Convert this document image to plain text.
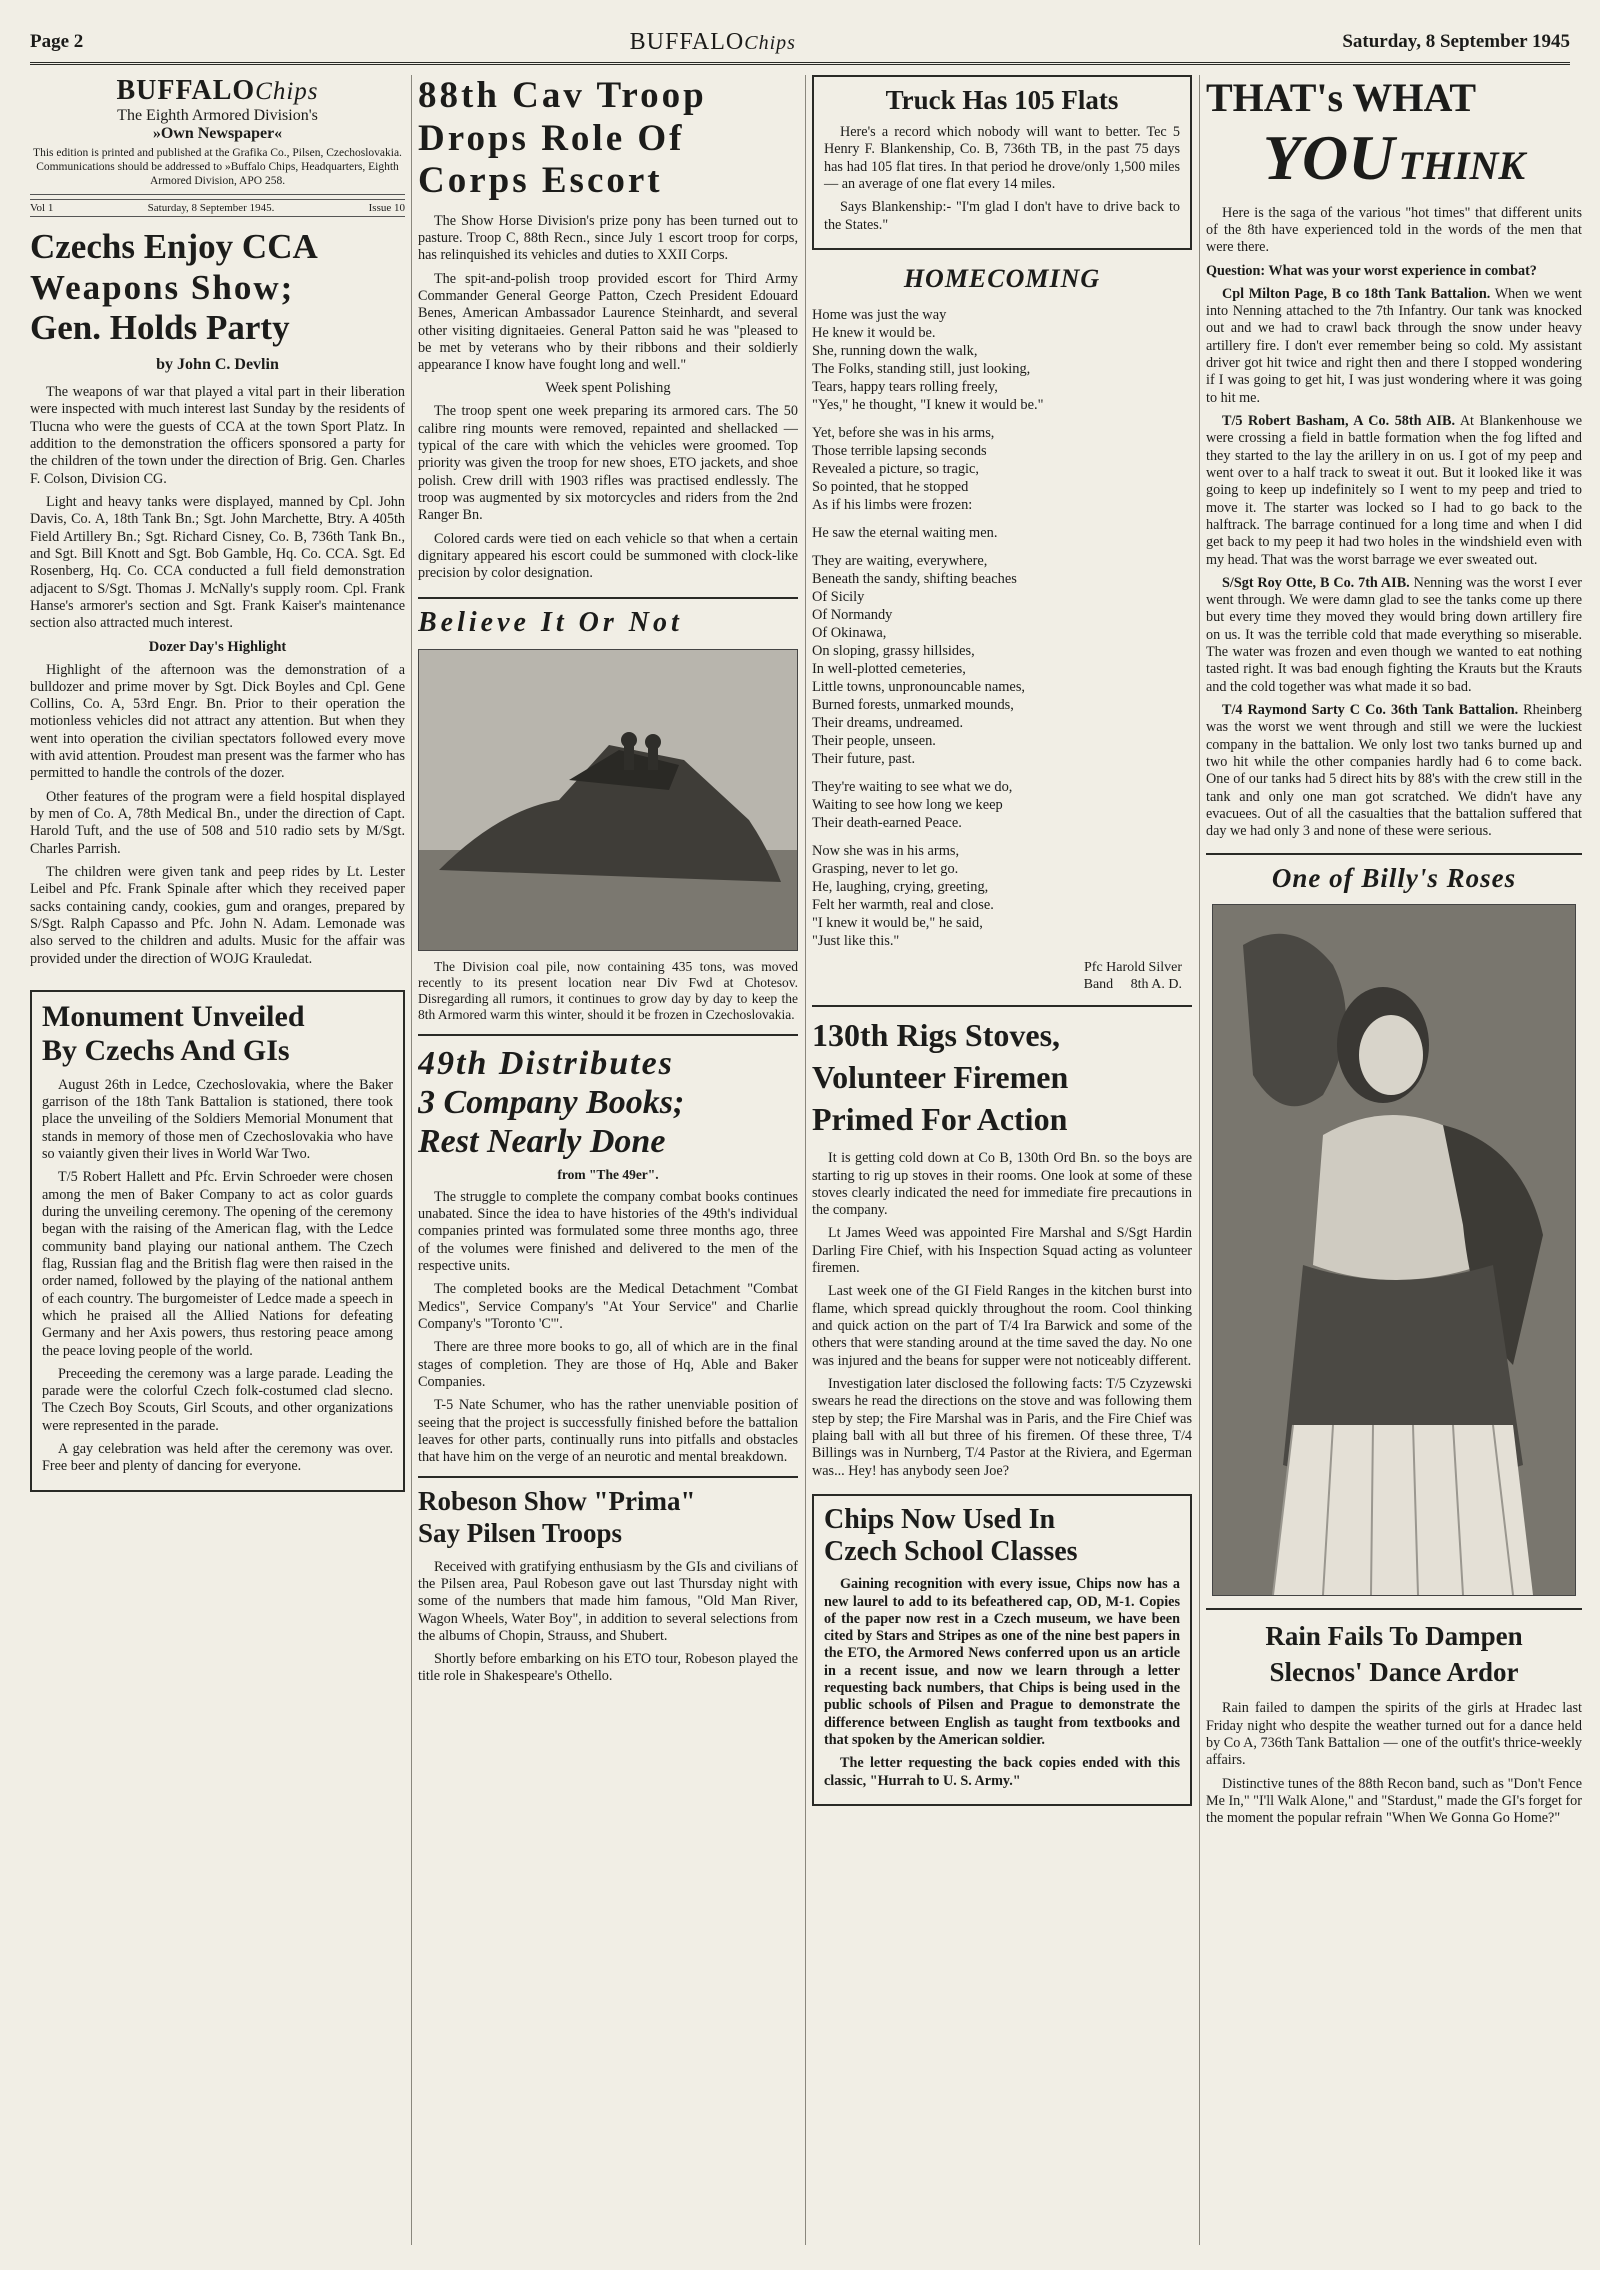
Page 2	BUFFALOChips	Saturday, 8 September 1945
BUFFALOChips
The Eighth Armored Division's
»Own Newspaper«
This edition is printed and published at the Grafika Co., Pilsen, Czechoslovakia. Communications should be addressed to »Buffalo Chips, Headquarters, Eighth Armored Division, APO 258.
Vol 1	Saturday, 8 September 1945.	Issue 10
Czechs Enjoy CCA
Weapons Show;
Gen. Holds Party
by John C. Devlin

The weapons of war that played a vital part in their liberation were inspected with much interest last Sunday by the residents of Tlucna who were the guests of CCA at the town Sport Platz. In addition to the demonstration the officers sponsored a party for the children of the town under the direction of Brig. Gen. Charles F. Colson, Division CG.

Light and heavy tanks were displayed, manned by Cpl. John Davis, Co. A, 18th Tank Bn.; Sgt. John Marchette, Btry. A 405th Field Artillery Bn.; Sgt. Richard Cisney, Co. B, 736th Tank Bn., and Sgt. Bill Knott and Sgt. Bob Gamble, Hq. Co. CCA. Sgt. Ed Rosenberg, Hq. Co. CCA conducted a full field demonstration adjacent to S/Sgt. Thomas J. McNally's supply room. Cpl. Frank Hanse's armorer's section and Sgt. Frank Kaiser's maintenance section also attracted much interest.

Dozer Day's Highlight

Highlight of the afternoon was the demonstration of a bulldozer and prime mover by Sgt. Dick Boyles and Cpl. Gene Collins, Co. A, 53rd Engr. Bn. Prior to their operation the motionless vehicles did not attract any attention. But when they went into operation the civilian spectators followed every move with avid attention. Proudest man present was the farmer who has permitted to handle the controls of the dozer.

Other features of the program were a field hospital displayed by men of Co. A, 78th Medical Bn., under the direction of Capt. Harold Tuft, and the use of 508 and 510 radio sets by M/Sgt. Charles Parrish.

The children were given tank and peep rides by Lt. Lester Leibel and Pfc. Frank Spinale after which they received paper sacks containing candy, cookies, gum and oranges, prepared by S/Sgt. Ralph Capasso and Pfc. John N. Adam. Lemonade was also served to the children and adults. Music for the affair was provided under the direction of WOJG Krauledat.

Monument Unveiled
By Czechs And GIs

August 26th in Ledce, Czechoslovakia, where the Baker garrison of the 18th Tank Battalion is stationed, there took place the unveiling of the Soldiers Memorial Monument that stands in memory of those men of Czechoslovakia who have so vaiantly given their lives in World War Two.

T/5 Robert Hallett and Pfc. Ervin Schroeder were chosen among the men of Baker Company to act as color guards during the unveiling ceremony. The opening of the ceremony began with the raising of the American flag, with the Ledce community band playing our national anthem. The Czech flag, Russian flag and the British flag were then raised in the order named, followed by the playing of the national anthem of each country. The burgomeister of Ledce made a speech in which he praised all the Allied Nations for defeating Germany and her Axis powers, thus restoring peace among the peace loving people of the world.

Preceeding the ceremony was a large parade. Leading the parade were the colorful Czech folk-costumed clad slecno. The Czech Boy Scouts, Girl Scouts, and other organizations were represented in the parade.

A gay celebration was held after the ceremony was over. Free beer and plenty of dancing for everyone.

88th Cav Troop
Drops Role Of
Corps Escort

The Show Horse Division's prize pony has been turned out to pasture. Troop C, 88th Recn., since July 1 escort troop for corps, has relinquished its vehicles and duties to XXII Corps.

The spit-and-polish troop provided escort for Third Army Commander General George Patton, Czech President Edouard Benes, American Ambassador Laurence Steinhardt, and several other visiting dignitaeies. General Patton said he was "pleased to be met by veterans who by their ribbons and their soldierly appearance I know have fought long and well."

Week spent Polishing

The troop spent one week preparing its armored cars. The 50 calibre ring mounts were removed, repainted and shellacked — typical of the care with which the vehicles were groomed. Top priority was given the troop for new shoes, ETO jackets, and shoe polish. Crew drill with 1903 rifles was practised endlessly. The troop was augmented by six motorcycles and riders from the 2nd Ranger Bn.

Colored cards were tied on each vehicle so that when a certain dignitary appeared his escort could be summoned with clock-like precision by color designation.

Believe It Or Not
The Division coal pile, now containing 435 tons, was moved recently to its present location near Div Fwd at Chotesov. Disregarding all rumors, it continues to grow day by day to keep the 8th Armored warm this winter, should it be frozen in Czechoslovakia.
49th Distributes
3 Company Books;
Rest Nearly Done
from "The 49er".

The struggle to complete the company combat books continues unabated. Since the idea to have histories of the 49th's individual companies printed was formulated some three months ago, three of the volumes were finished and delivered to the men of the respective units.

The completed books are the Medical Detachment "Combat Medics", Service Company's "At Your Service" and Charlie Company's "Toronto 'C'".

There are three more books to go, all of which are in the final stages of completion. They are those of Hq, Able and Baker Companies.

T-5 Nate Schumer, who has the rather unenviable position of seeing that the project is successfully finished before the battalion leaves for other parts, continually runs into pitfalls and obstacles that have him on the verge of an neurotic and mental breakdown.

Robeson Show "Prima"
Say Pilsen Troops

Received with gratifying enthusiasm by the GIs and civilians of the Pilsen area, Paul Robeson gave out last Thursday night with some of the numbers that made him famous, "Old Man River, Wagon Wheels, Water Boy", in addition to several selections from the albums of Chopin, Strauss, and Shubert.

Shortly before embarking on his ETO tour, Robeson played the title role in Shakespeare's Othello.

Truck Has 105 Flats

Here's a record which nobody will want to better. Tec 5 Henry F. Blankenship, Co. B, 736th TB, in the past 75 days has had 105 flat tires. In that period he drove/only 1,500 miles — an average of one flat every 14 miles.

Says Blankenship:- "I'm glad I don't have to drive back to the States."

HOMECOMING
Home was just the way
He knew it would be.
She, running down the walk,
The Folks, standing still, just looking,
Tears, happy tears rolling freely,
"Yes," he thought, "I knew it would be."
Yet, before she was in his arms,
Those terrible lapsing seconds
Revealed a picture, so tragic,
So pointed, that he stopped
As if his limbs were frozen:
He saw the eternal waiting men.
They are waiting, everywhere,
Beneath the sandy, shifting beaches
Of Sicily
Of Normandy
Of Okinawa,
On sloping, grassy hillsides,
In well-plotted cemeteries,
Little towns, unpronouncable names,
Burned forests, unmarked mounds,
Their dreams, undreamed.
Their people, unseen.
Their future, past.
They're waiting to see what we do,
Waiting to see how long we keep
Their death-earned Peace.
Now she was in his arms,
Grasping, never to let go.
He, laughing, crying, greeting,
Felt her warmth, real and close.
"I knew it would be," he said,
"Just like this."
Pfc Harold Silver
Band     8th A. D.
130th Rigs Stoves,
Volunteer Firemen
Primed For Action

It is getting cold down at Co B, 130th Ord Bn. so the boys are starting to rig up stoves in their rooms. One look at some of these stoves clearly indicated the need for immediate fire precautions in the company.

Lt James Weed was appointed Fire Marshal and S/Sgt Hardin Darling Fire Chief, with his Inspection Squad acting as volunteer firemen.

Last week one of the GI Field Ranges in the kitchen burst into flame, which spread quickly throughout the room. Cool thinking and quick action on the part of T/4 Ira Barwick and some of the others that were standing around at the time saved the day. No one was injured and the beans for supper were not noticeably different.

Investigation later disclosed the following facts: T/5 Czyzewski swears he read the directions on the stove and was following them step by step; the Fire Marshal was in Paris, and the Fire Chief was plaing ball with all but three of his firemen. Of these three, T/4 Billings was in Nurnberg, T/4 Pastor at the Riviera, and Egerman was... Hey! has anybody seen Joe?

Chips Now Used In
Czech School Classes

Gaining recognition with every issue, Chips now has a new laurel to add to its befeathered cap, OD, M-1. Copies of the paper now rest in a Czech museum, we have been cited by Stars and Stripes as one of the nine best papers in the ETO, the Armored News conferred upon us an article in a recent issue, and now we learn through a letter requesting back numbers, that Chips is being used in the public schools of Pilsen and Prague to demonstrate the difference between English as taught from textbooks and that spoken by the American soldier.

The letter requesting the back copies ended with this classic, "Hurrah to U. S. Army."

THAT's WHAT
YOU THINK

Here is the saga of the various "hot times" that different units of the 8th have experienced told in the words of the men that were there.

Question: What was your worst experience in combat?

Cpl Milton Page, B co 18th Tank Battalion. When we went into Nenning attached to the 7th Infantry. Our tank was knocked out and we had to crawl back through the snow under heavy artillery fire. I don't ever remember being so cold. My assistant driver got hit twice and right then and there I stopped wondering if I was going to get hit, I was just wondering where it was going to hit me.

T/5 Robert Basham, A Co. 58th AIB. At Blankenhouse we were crossing a field in battle formation when the fog lifted and they started to the lay the arillery in on us. I got of my peep and went over to a half track to sweat it out. But it looked like it was going to keep up indefinitely so I went to my peep and tried to move it. The starter was locked so I had to go back to the halftrack. The barrage continued for a long time and when I did get back to my peep it had two holes in the windshield even with my head. That was the worst barrage we ever sweated out.

S/Sgt Roy Otte, B Co. 7th AIB. Nenning was the worst I ever went through. We were damn glad to see the tanks come up there but every time they moved they would bring down artillery fire on us. It was the terrible cold that made everything so miserable. The water was frozen and even though we wanted to eat nothing tasted right. It was bad enough fighting the Krauts but the Krauts and the cold together was what made it so bad.

T/4 Raymond Sarty C Co. 36th Tank Battalion. Rheinberg was the worst we went through and still we were the luckiest company in the battalion. We only lost two tanks burned up and two hit while the other companies hardly had 6 to come back. One of our tanks had 5 direct hits by 88's with the crew still in the tank and only one man got scratched. We didn't have any evacuees. Out of all the casualties that the battalion suffered that day we had only 3 and none of these were serious.

One of Billy's Roses
Rain Fails To Dampen
Slecnos' Dance Ardor

Rain failed to dampen the spirits of the girls at Hradec last Friday night who despite the weather turned out for a dance held by Co A, 736th Tank Battalion — one of the outfit's thrice-weekly affairs.

Distinctive tunes of the 88th Recon band, such as "Don't Fence Me In," "I'll Walk Alone," and "Stardust," made the GI's forget for the moment the popular refrain "When We Gonna Go Home?"
